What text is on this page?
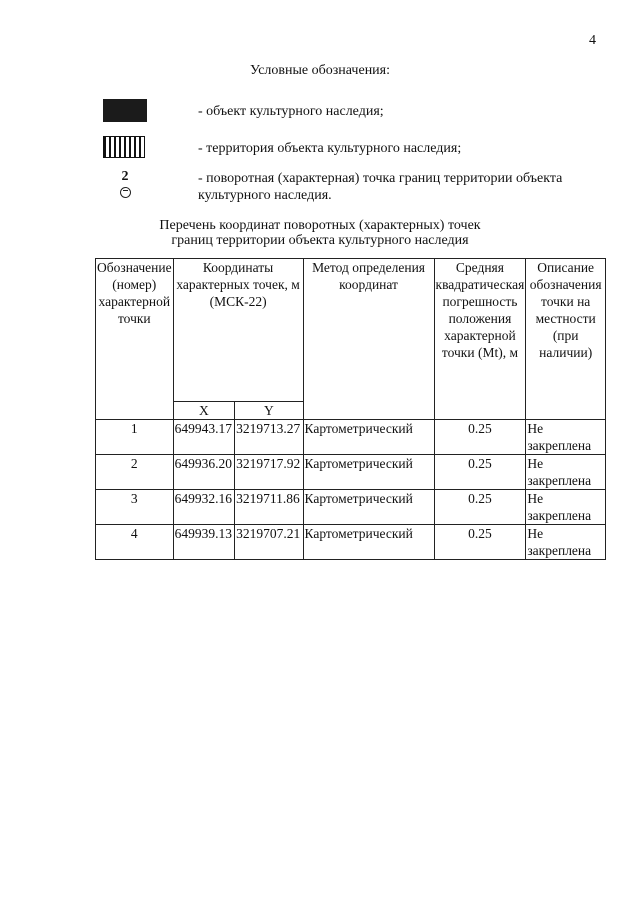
4
Условные обозначения:
- объект культурного наследия;
- территория объекта культурного наследия;
2	- поворотная (характерная) точка границ территории объекта культурного наследия.
Перечень координат поворотных (характерных) точек
границ территории объекта культурного наследия
Обозначение (номер) характерной точки	Координаты характерных точек, м (МСК-22)		Метод определения координат	Средняя квадратическая погрешность положения характерной точки (Mt), м	Описание обозначения точки на местности (при наличии)
	X	Y			
1	649943.17	3219713.27	Картометрический	0.25	Не закреплена
2	649936.20	3219717.92	Картометрический	0.25	Не закреплена
3	649932.16	3219711.86	Картометрический	0.25	Не закреплена
4	649939.13	3219707.21	Картометрический	0.25	Не закреплена
